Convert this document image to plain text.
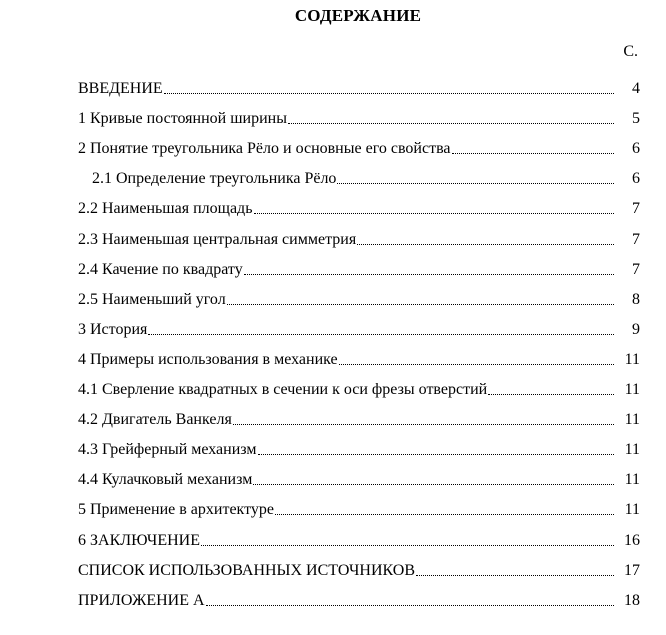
СОДЕРЖАНИЕ
С.
ВВЕДЕНИЕ	4
1 Кривые постоянной ширины	5
2 Понятие треугольника Рёло и основные его свойства	6
2.1 Определение треугольника Рёло	6
2.2 Наименьшая площадь	7
2.3 Наименьшая центральная симметрия	7
2.4 Качение по квадрату	7
2.5 Наименьший угол	8
3 История	9
4 Примеры использования в механике	11
4.1 Сверление квадратных в сечении к оси фрезы отверстий	11
4.2 Двигатель Ванкеля	11
4.3 Грейферный механизм	11
4.4 Кулачковый механизм	11
5 Применение в архитектуре	11
6 ЗАКЛЮЧЕНИЕ	16
СПИСОК ИСПОЛЬЗОВАННЫХ ИСТОЧНИКОВ	17
ПРИЛОЖЕНИЕ А	18
